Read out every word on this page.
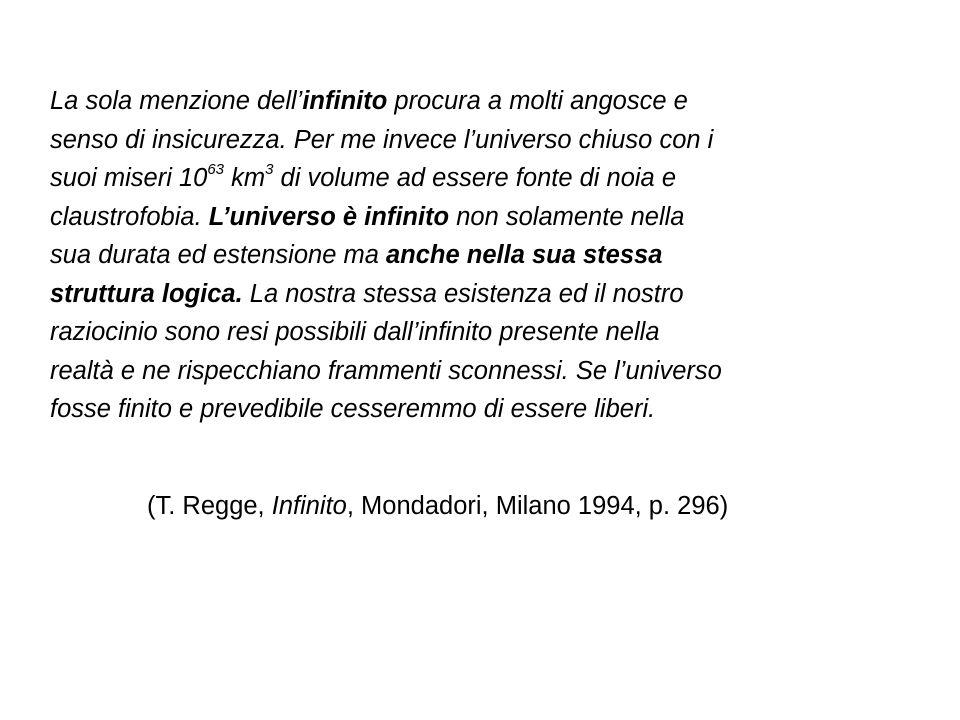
La sola menzione dell’infinito procura a molti angosce e
senso di insicurezza. Per me invece l’universo chiuso con i
suoi miseri $10^{63}$ $km^3$ di volume ad essere fonte di noia e
claustrofobia. L’universo è infinito non solamente nella
sua durata ed estensione ma anche nella sua stessa
struttura logica. La nostra stessa esistenza ed il nostro
raziocinio sono resi possibili dall’infinito presente nella
realtà e ne rispecchiano frammenti sconnessi. Se l’universo
fosse finito e prevedibile cesseremmo di essere liberi.

(T. Regge, Infinito, Mondadori, Milano 1994, p. 296)
